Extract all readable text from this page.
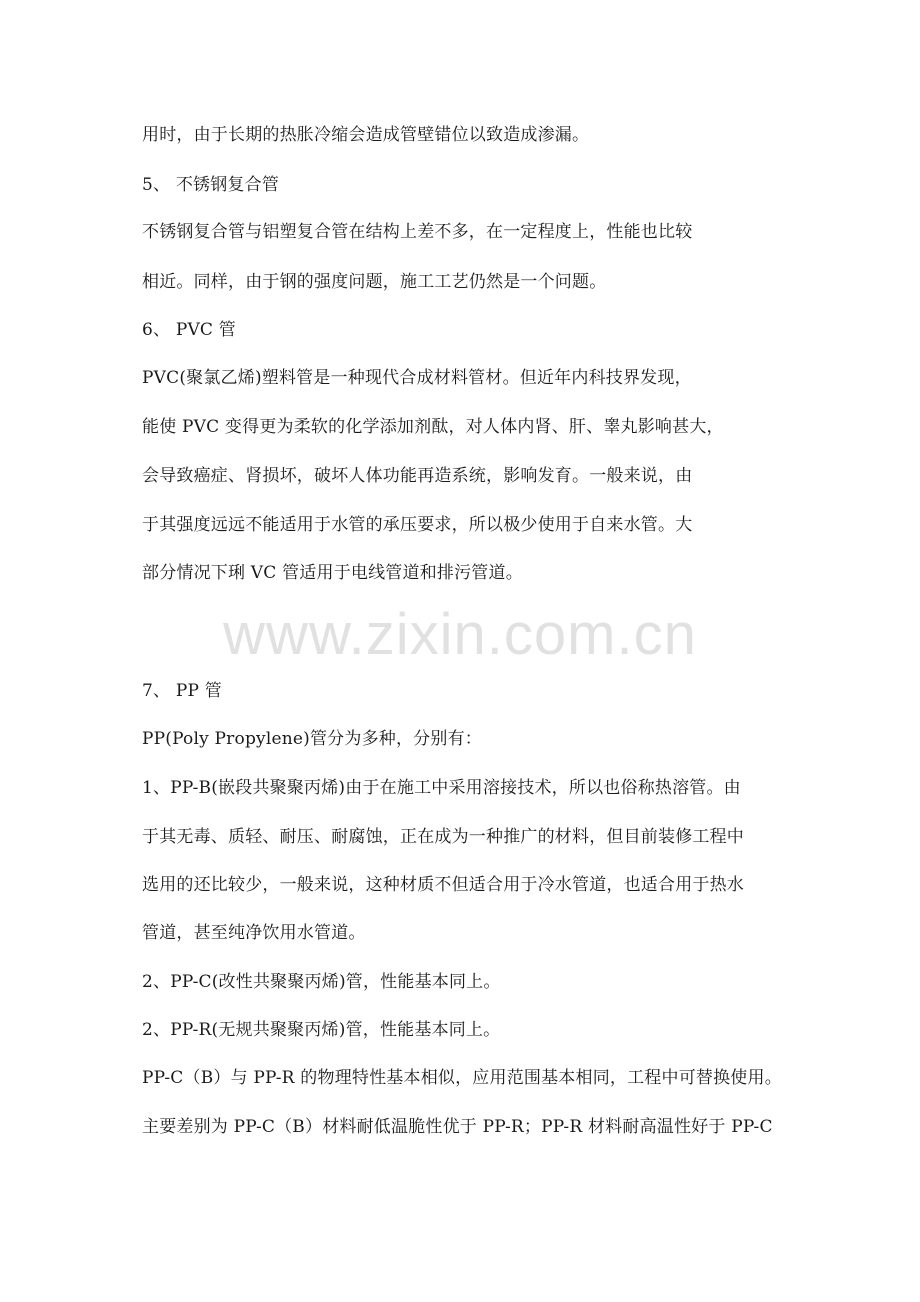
用时，由于长期的热胀冷缩会造成管壁错位以致造成渗漏。
5、 不锈钢复合管
不锈钢复合管与铝塑复合管在结构上差不多，在一定程度上，性能也比较
相近。同样，由于钢的强度问题，施工工艺仍然是一个问题。
6、 PVC 管
PVC(聚氯乙烯)塑料管是一种现代合成材料管材。但近年内科技界发现，
能使 PVC 变得更为柔软的化学添加剂酞，对人体内肾、肝、睾丸影响甚大，
会导致癌症、肾损坏，破坏人体功能再造系统，影响发育。一般来说，由
于其强度远远不能适用于水管的承压要求，所以极少使用于自来水管。大
部分情况下琍 VC 管适用于电线管道和排污管道。
www.zixin.com.cn
7、 PP 管
PP(Poly Propylene)管分为多种，分别有：
1、PP-B(嵌段共聚聚丙烯)由于在施工中采用溶接技术，所以也俗称热溶管。由
于其无毒、质轻、耐压、耐腐蚀，正在成为一种推广的材料，但目前装修工程中
选用的还比较少，一般来说，这种材质不但适合用于冷水管道，也适合用于热水
管道，甚至纯净饮用水管道。
2、PP-C(改性共聚聚丙烯)管，性能基本同上。
2、PP-R(无规共聚聚丙烯)管，性能基本同上。
PP-C（B）与 PP-R 的物理特性基本相似，应用范围基本相同，工程中可替换使用。
主要差别为 PP-C（B）材料耐低温脆性优于 PP-R；PP-R 材料耐高温性好于 PP-C
